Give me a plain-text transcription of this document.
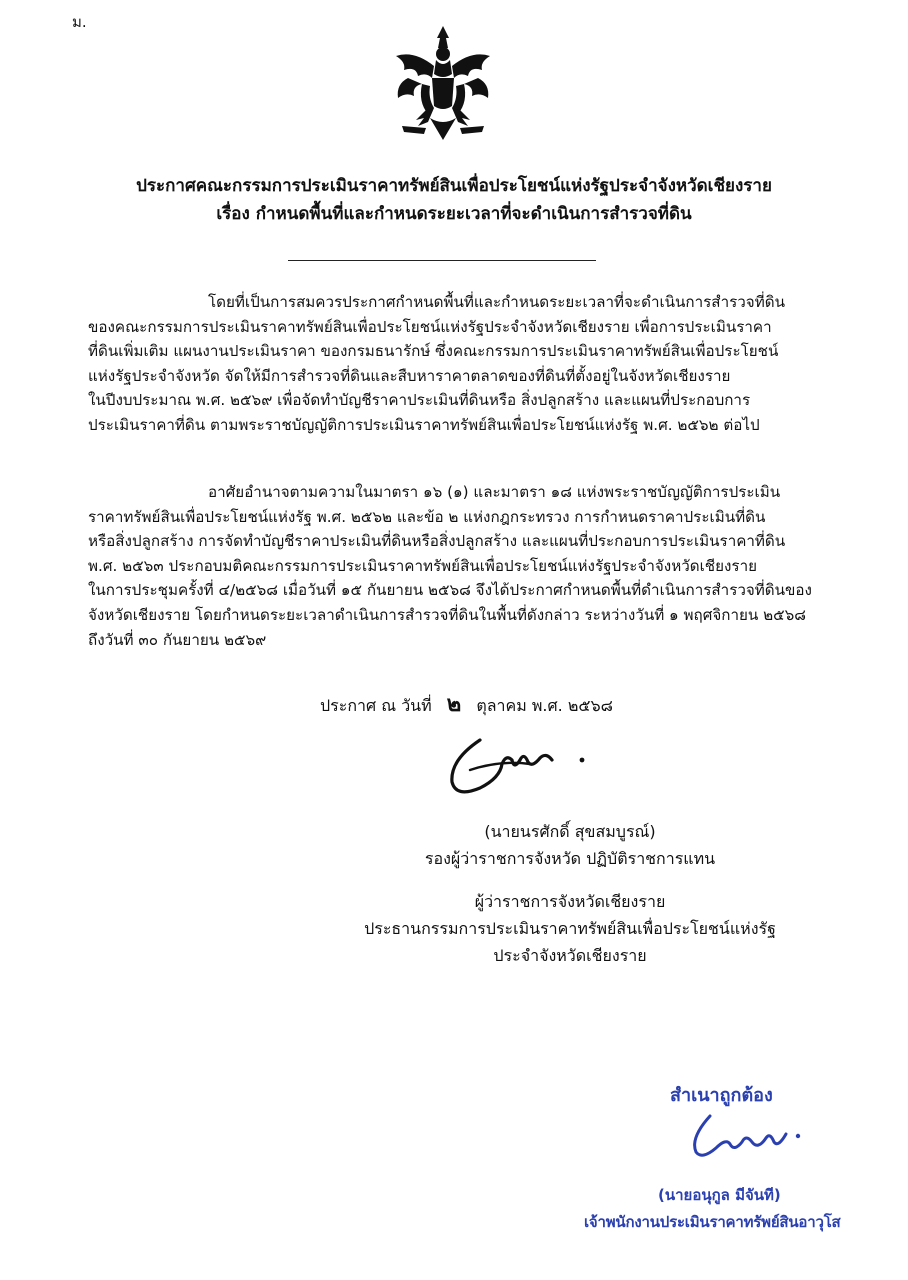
ม.
ประกาศคณะกรรมการประเมินราคาทรัพย์สินเพื่อประโยชน์แห่งรัฐประจำจังหวัดเชียงราย
เรื่อง กำหนดพื้นที่และกำหนดระยะเวลาที่จะดำเนินการสำรวจที่ดิน
โดยที่เป็นการสมควรประกาศกำหนดพื้นที่และกำหนดระยะเวลาที่จะดำเนินการสำรวจที่ดิน
ของคณะกรรมการประเมินราคาทรัพย์สินเพื่อประโยชน์แห่งรัฐประจำจังหวัดเชียงราย เพื่อการประเมินราคา
ที่ดินเพิ่มเติม แผนงานประเมินราคา ของกรมธนารักษ์ ซึ่งคณะกรรมการประเมินราคาทรัพย์สินเพื่อประโยชน์
แห่งรัฐประจำจังหวัด จัดให้มีการสำรวจที่ดินและสืบหาราคาตลาดของที่ดินที่ตั้งอยู่ในจังหวัดเชียงราย
ในปีงบประมาณ พ.ศ. ๒๕๖๙ เพื่อจัดทำบัญชีราคาประเมินที่ดินหรือ สิ่งปลูกสร้าง และแผนที่ประกอบการ
ประเมินราคาที่ดิน ตามพระราชบัญญัติการประเมินราคาทรัพย์สินเพื่อประโยชน์แห่งรัฐ พ.ศ. ๒๕๖๒ ต่อไป
อาศัยอำนาจตามความในมาตรา ๑๖ (๑) และมาตรา ๑๘ แห่งพระราชบัญญัติการประเมิน
ราคาทรัพย์สินเพื่อประโยชน์แห่งรัฐ พ.ศ. ๒๕๖๒ และข้อ ๒ แห่งกฎกระทรวง การกำหนดราคาประเมินที่ดิน
หรือสิ่งปลูกสร้าง การจัดทำบัญชีราคาประเมินที่ดินหรือสิ่งปลูกสร้าง และแผนที่ประกอบการประเมินราคาที่ดิน
พ.ศ. ๒๕๖๓ ประกอบมติคณะกรรมการประเมินราคาทรัพย์สินเพื่อประโยชน์แห่งรัฐประจำจังหวัดเชียงราย
ในการประชุมครั้งที่ ๔/๒๕๖๘ เมื่อวันที่ ๑๕ กันยายน ๒๕๖๘ จึงได้ประกาศกำหนดพื้นที่ดำเนินการสำรวจที่ดินของ
จังหวัดเชียงราย โดยกำหนดระยะเวลาดำเนินการสำรวจที่ดินในพื้นที่ดังกล่าว ระหว่างวันที่ ๑ พฤศจิกายน ๒๕๖๘
ถึงวันที่ ๓๐ กันยายน ๒๕๖๙
ประกาศ ณ วันที่ ๒ ตุลาคม พ.ศ. ๒๕๖๘
(นายนรศักดิ์ สุขสมบูรณ์)
รองผู้ว่าราชการจังหวัด ปฏิบัติราชการแทน
ผู้ว่าราชการจังหวัดเชียงราย
ประธานกรรมการประเมินราคาทรัพย์สินเพื่อประโยชน์แห่งรัฐ
ประจำจังหวัดเชียงราย
สำเนาถูกต้อง
(นายอนุกูล มีจันที)
เจ้าพนักงานประเมินราคาทรัพย์สินอาวุโส
